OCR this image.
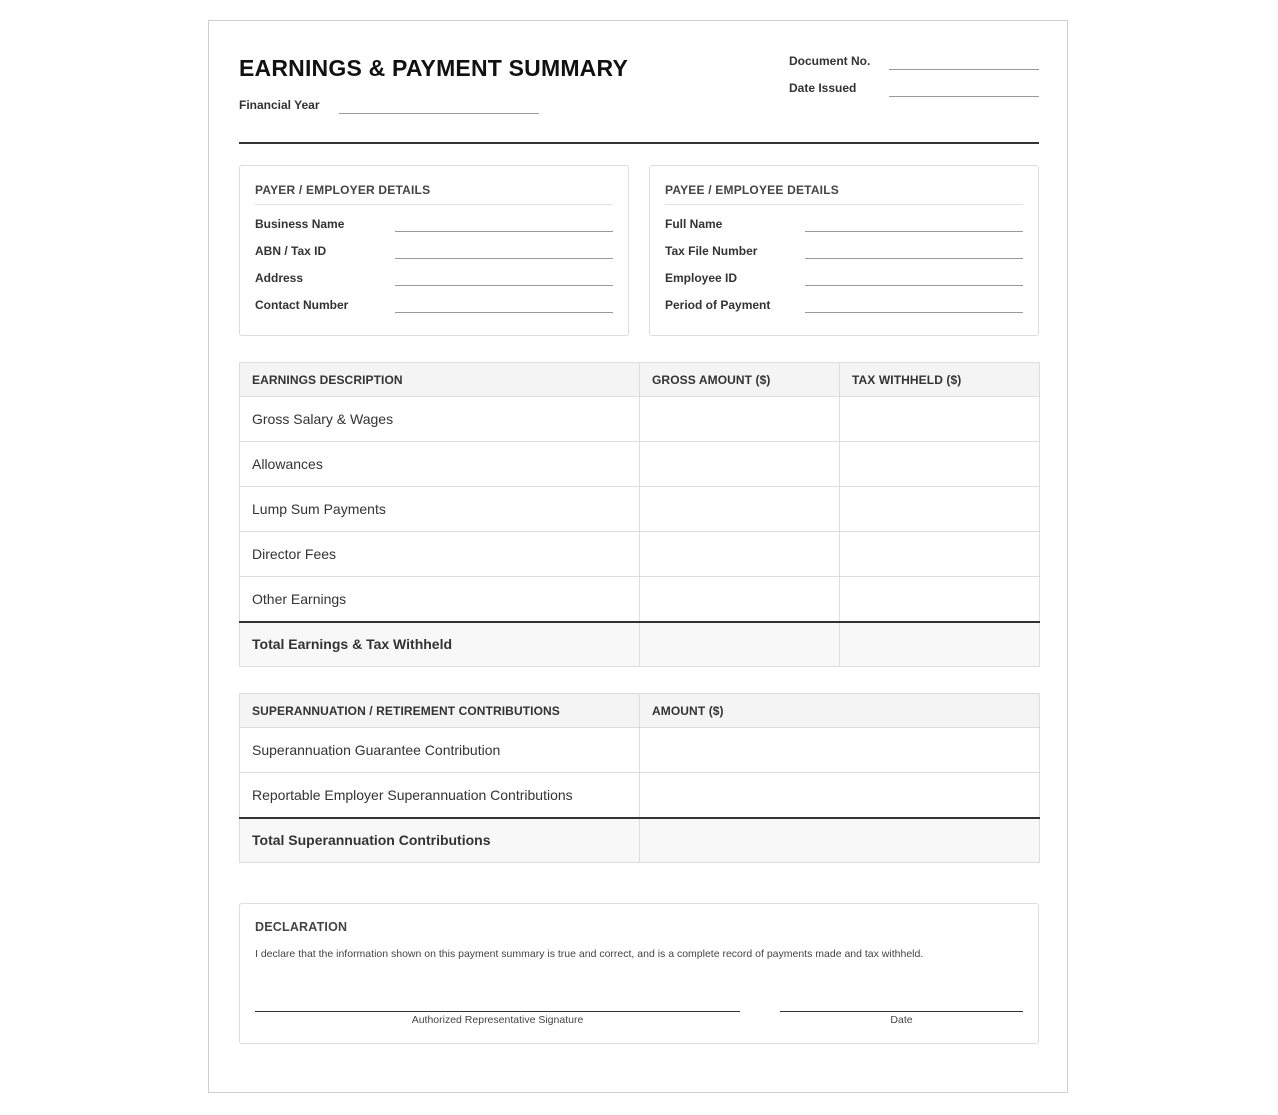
EARNINGS & PAYMENT SUMMARY
Financial Year
Document No.
Date Issued
PAYER / EMPLOYER DETAILS
Business Name
ABN / Tax ID
Address
Contact Number
PAYEE / EMPLOYEE DETAILS
Full Name
Tax File Number
Employee ID
Period of Payment
EARNINGS DESCRIPTION	GROSS AMOUNT ($)	TAX WITHHELD ($)
Gross Salary & Wages		
Allowances		
Lump Sum Payments		
Director Fees		
Other Earnings		
Total Earnings & Tax Withheld		
SUPERANNUATION / RETIREMENT CONTRIBUTIONS	AMOUNT ($)
Superannuation Guarantee Contribution	
Reportable Employer Superannuation Contributions	
Total Superannuation Contributions	
DECLARATION
I declare that the information shown on this payment summary is true and correct, and is a complete record of payments made and tax withheld.
Authorized Representative Signature	Date
